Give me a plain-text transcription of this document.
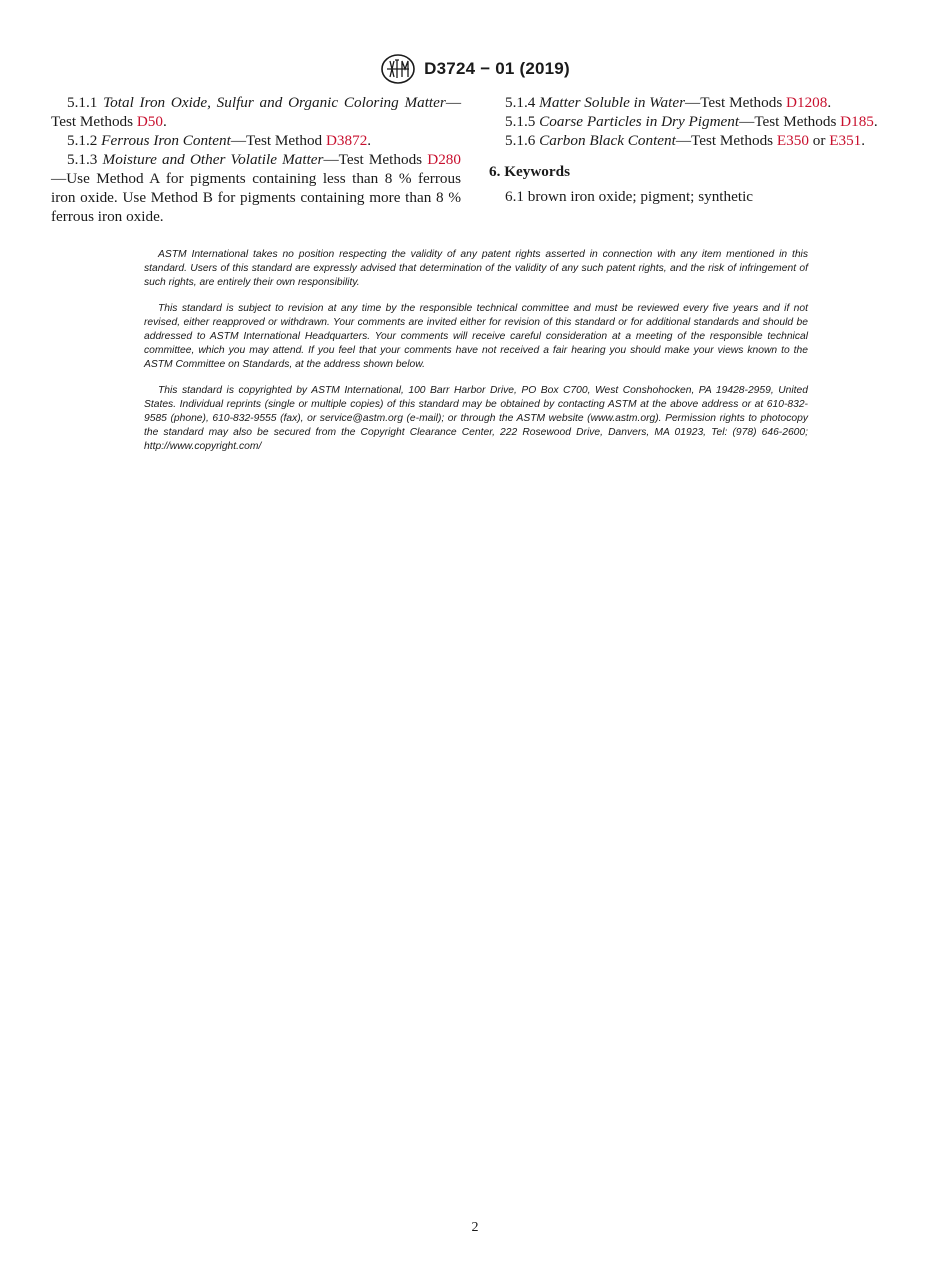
D3724 − 01 (2019)

5.1.1 Total Iron Oxide, Sulfur and Organic Coloring Matter—Test Methods D50.

5.1.2 Ferrous Iron Content—Test Method D3872.

5.1.3 Moisture and Other Volatile Matter—Test Methods D280—Use Method A for pigments containing less than 8 % ferrous iron oxide. Use Method B for pigments containing more than 8 % ferrous iron oxide.

5.1.4 Matter Soluble in Water—Test Methods D1208.

5.1.5 Coarse Particles in Dry Pigment—Test Methods D185.

5.1.6 Carbon Black Content—Test Methods E350 or E351.

6. Keywords

6.1 brown iron oxide; pigment; synthetic

ASTM International takes no position respecting the validity of any patent rights asserted in connection with any item mentioned in this standard. Users of this standard are expressly advised that determination of the validity of any such patent rights, and the risk of infringement of such rights, are entirely their own responsibility.

This standard is subject to revision at any time by the responsible technical committee and must be reviewed every five years and if not revised, either reapproved or withdrawn. Your comments are invited either for revision of this standard or for additional standards and should be addressed to ASTM International Headquarters. Your comments will receive careful consideration at a meeting of the responsible technical committee, which you may attend. If you feel that your comments have not received a fair hearing you should make your views known to the ASTM Committee on Standards, at the address shown below.

This standard is copyrighted by ASTM International, 100 Barr Harbor Drive, PO Box C700, West Conshohocken, PA 19428-2959, United States. Individual reprints (single or multiple copies) of this standard may be obtained by contacting ASTM at the above address or at 610-832-9585 (phone), 610-832-9555 (fax), or service@astm.org (e-mail); or through the ASTM website (www.astm.org). Permission rights to photocopy the standard may also be secured from the Copyright Clearance Center, 222 Rosewood Drive, Danvers, MA 01923, Tel: (978) 646-2600; http://www.copyright.com/

2
